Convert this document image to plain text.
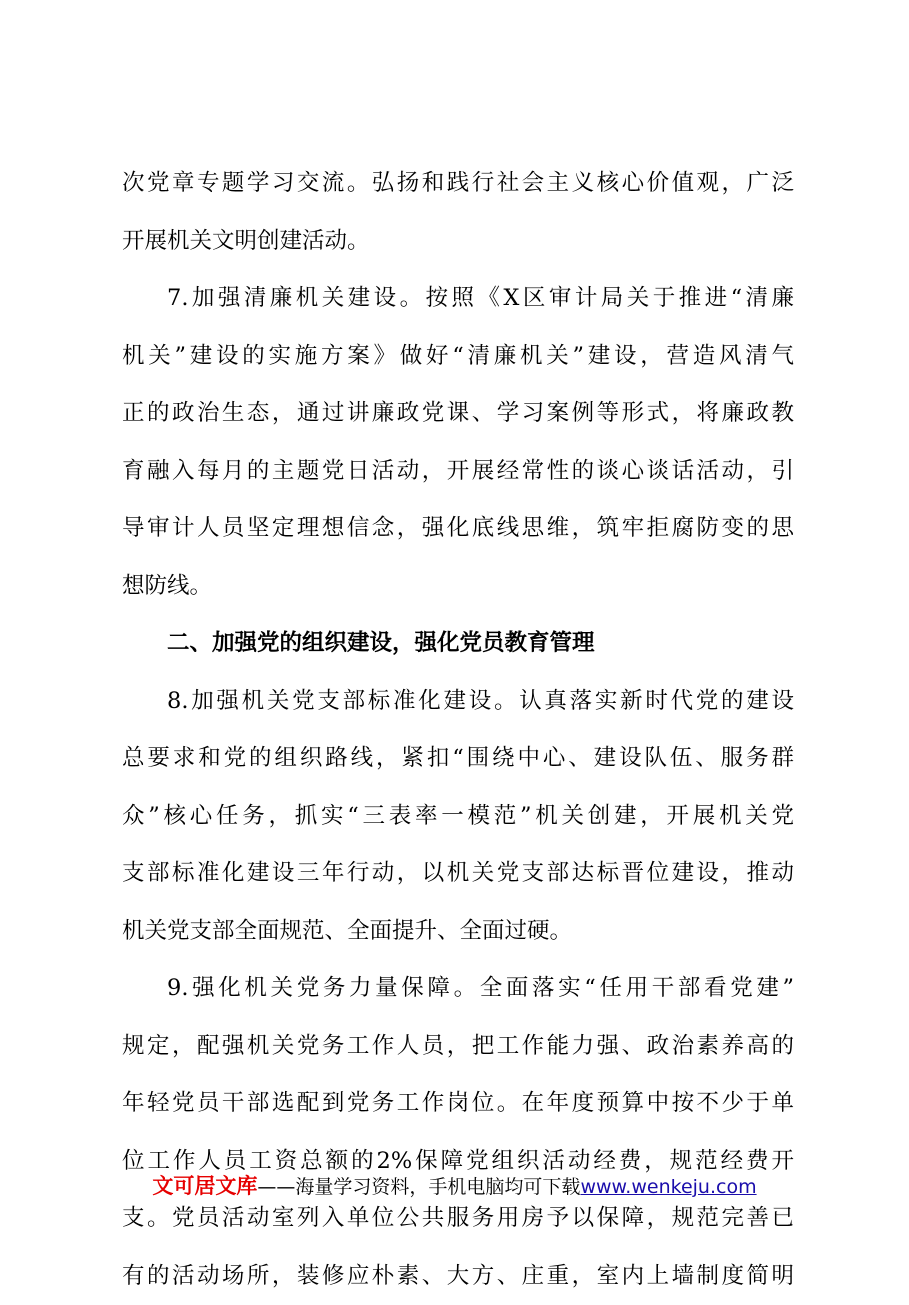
次党章专题学习交流。弘扬和践行社会主义核心价值观，广泛
开展机关文明创建活动。
7.加强清廉机关建设。按照《X区审计局关于推进“清廉
机关”建设的实施方案》做好“清廉机关”建设，营造风清气
正的政治生态，通过讲廉政党课、学习案例等形式，将廉政教
育融入每月的主题党日活动，开展经常性的谈心谈话活动，引
导审计人员坚定理想信念，强化底线思维，筑牢拒腐防变的思
想防线。
二、加强党的组织建设，强化党员教育管理
8.加强机关党支部标准化建设。认真落实新时代党的建设
总要求和党的组织路线，紧扣“围绕中心、建设队伍、服务群
众”核心任务，抓实“三表率一模范”机关创建，开展机关党
支部标准化建设三年行动，以机关党支部达标晋位建设，推动
机关党支部全面规范、全面提升、全面过硬。
9.强化机关党务力量保障。全面落实“任用干部看党建”
规定，配强机关党务工作人员，把工作能力强、政治素养高的
年轻党员干部选配到党务工作岗位。在年度预算中按不少于单
位工作人员工资总额的2%保障党组织活动经费，规范经费开
支。党员活动室列入单位公共服务用房予以保障，规范完善已
有的活动场所，装修应朴素、大方、庄重，室内上墙制度简明
文可居文库——海量学习资料，手机电脑均可下载www.wenkeju.com
